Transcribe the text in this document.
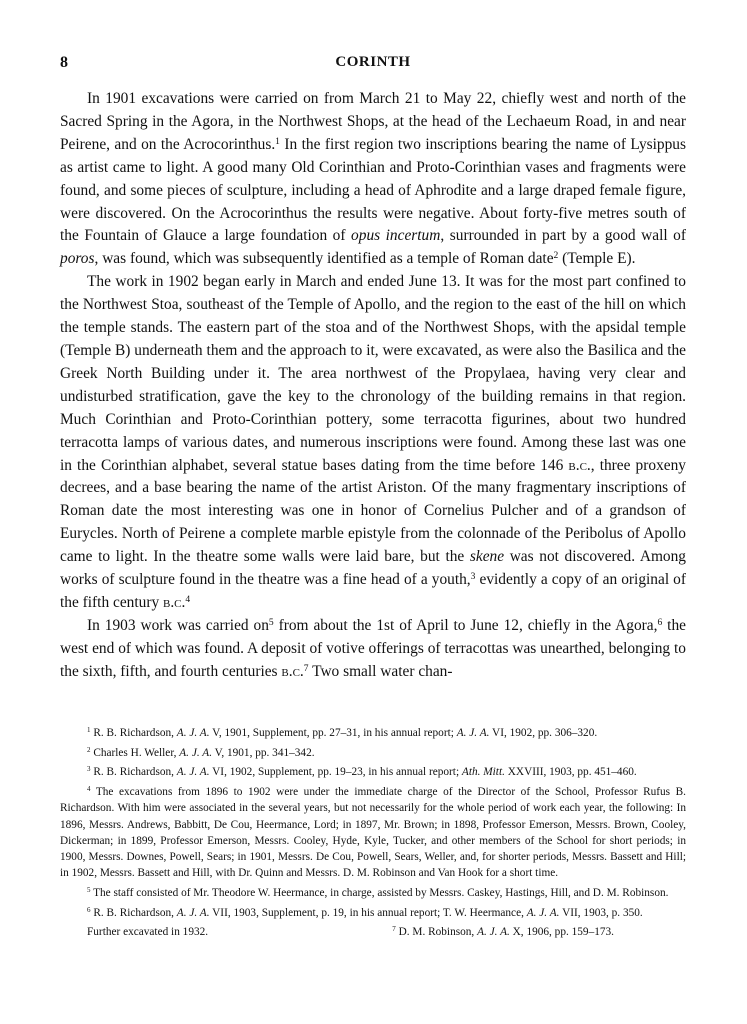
8	CORINTH

In 1901 excavations were carried on from March 21 to May 22, chiefly west and north of the Sacred Spring in the Agora, in the Northwest Shops, at the head of the Lechaeum Road, in and near Peirene, and on the Acrocorinthus.$^1$ In the first region two inscriptions bearing the name of Lysippus as artist came to light. A good many Old Corinthian and Proto-Corinthian vases and fragments were found, and some pieces of sculpture, including a head of Aphrodite and a large draped female figure, were discovered. On the Acrocorinthus the results were negative. About forty-five metres south of the Fountain of Glauce a large foundation of opus incertum, surrounded in part by a good wall of poros, was found, which was subsequently identified as a temple of Roman date$^2$ (Temple E).

The work in 1902 began early in March and ended June 13. It was for the most part confined to the Northwest Stoa, southeast of the Temple of Apollo, and the region to the east of the hill on which the temple stands. The eastern part of the stoa and of the Northwest Shops, with the apsidal temple (Temple B) underneath them and the approach to it, were excavated, as were also the Basilica and the Greek North Building under it. The area northwest of the Propylaea, having very clear and undisturbed stratification, gave the key to the chronology of the building remains in that region. Much Corinthian and Proto-Corinthian pottery, some terracotta figurines, about two hundred terracotta lamps of various dates, and numerous inscriptions were found. Among these last was one in the Corinthian alphabet, several statue bases dating from the time before 146 b.c., three proxeny decrees, and a base bearing the name of the artist Ariston. Of the many fragmentary inscriptions of Roman date the most interesting was one in honor of Cornelius Pulcher and of a grandson of Eurycles. North of Peirene a complete marble epistyle from the colonnade of the Peribolus of Apollo came to light. In the theatre some walls were laid bare, but the skene was not discovered. Among works of sculpture found in the theatre was a fine head of a youth,$^3$ evidently a copy of an original of the fifth century b.c.$^4$

In 1903 work was carried $on^5$ from about the 1st of April to June 12, chiefly in the Agora,$^6$ the west end of which was found. A deposit of votive offerings of terracottas was unearthed, belonging to the sixth, fifth, and fourth centuries b.c.$^7$ Two small water chan-

$^1$ R. B. Richardson, A. J. A. V, 1901, Supplement, pp. 27–31, in his annual report; A. J. A. VI, 1902, pp. 306–320.

$^2$ Charles H. Weller, A. J. A. V, 1901, pp. 341–342.

$^3$ R. B. Richardson, A. J. A. VI, 1902, Supplement, pp. 19–23, in his annual report; Ath. Mitt. XXVIII, 1903, pp. 451–460.

$^4$ The excavations from 1896 to 1902 were under the immediate charge of the Director of the School, Professor Rufus B. Richardson. With him were associated in the several years, but not necessarily for the whole period of work each year, the following: In 1896, Messrs. Andrews, Babbitt, De Cou, Heermance, Lord; in 1897, Mr. Brown; in 1898, Professor Emerson, Messrs. Brown, Cooley, Dickerman; in 1899, Professor Emerson, Messrs. Cooley, Hyde, Kyle, Tucker, and other members of the School for short periods; in 1900, Messrs. Downes, Powell, Sears; in 1901, Messrs. De Cou, Powell, Sears, Weller, and, for shorter periods, Messrs. Bassett and Hill; in 1902, Messrs. Bassett and Hill, with Dr. Quinn and Messrs. D. M. Robinson and Van Hook for a short time.

$^5$ The staff consisted of Mr. Theodore W. Heermance, in charge, assisted by Messrs. Caskey, Hastings, Hill, and D. M. Robinson.

$^6$ R. B. Richardson, A. J. A. VII, 1903, Supplement, p. 19, in his annual report; T. W. Heermance, A. J. A. VII, 1903, p. 350.

Further excavated in 1932.	$^7$ D. M. Robinson, A. J. A. X, 1906, pp. 159–173.
